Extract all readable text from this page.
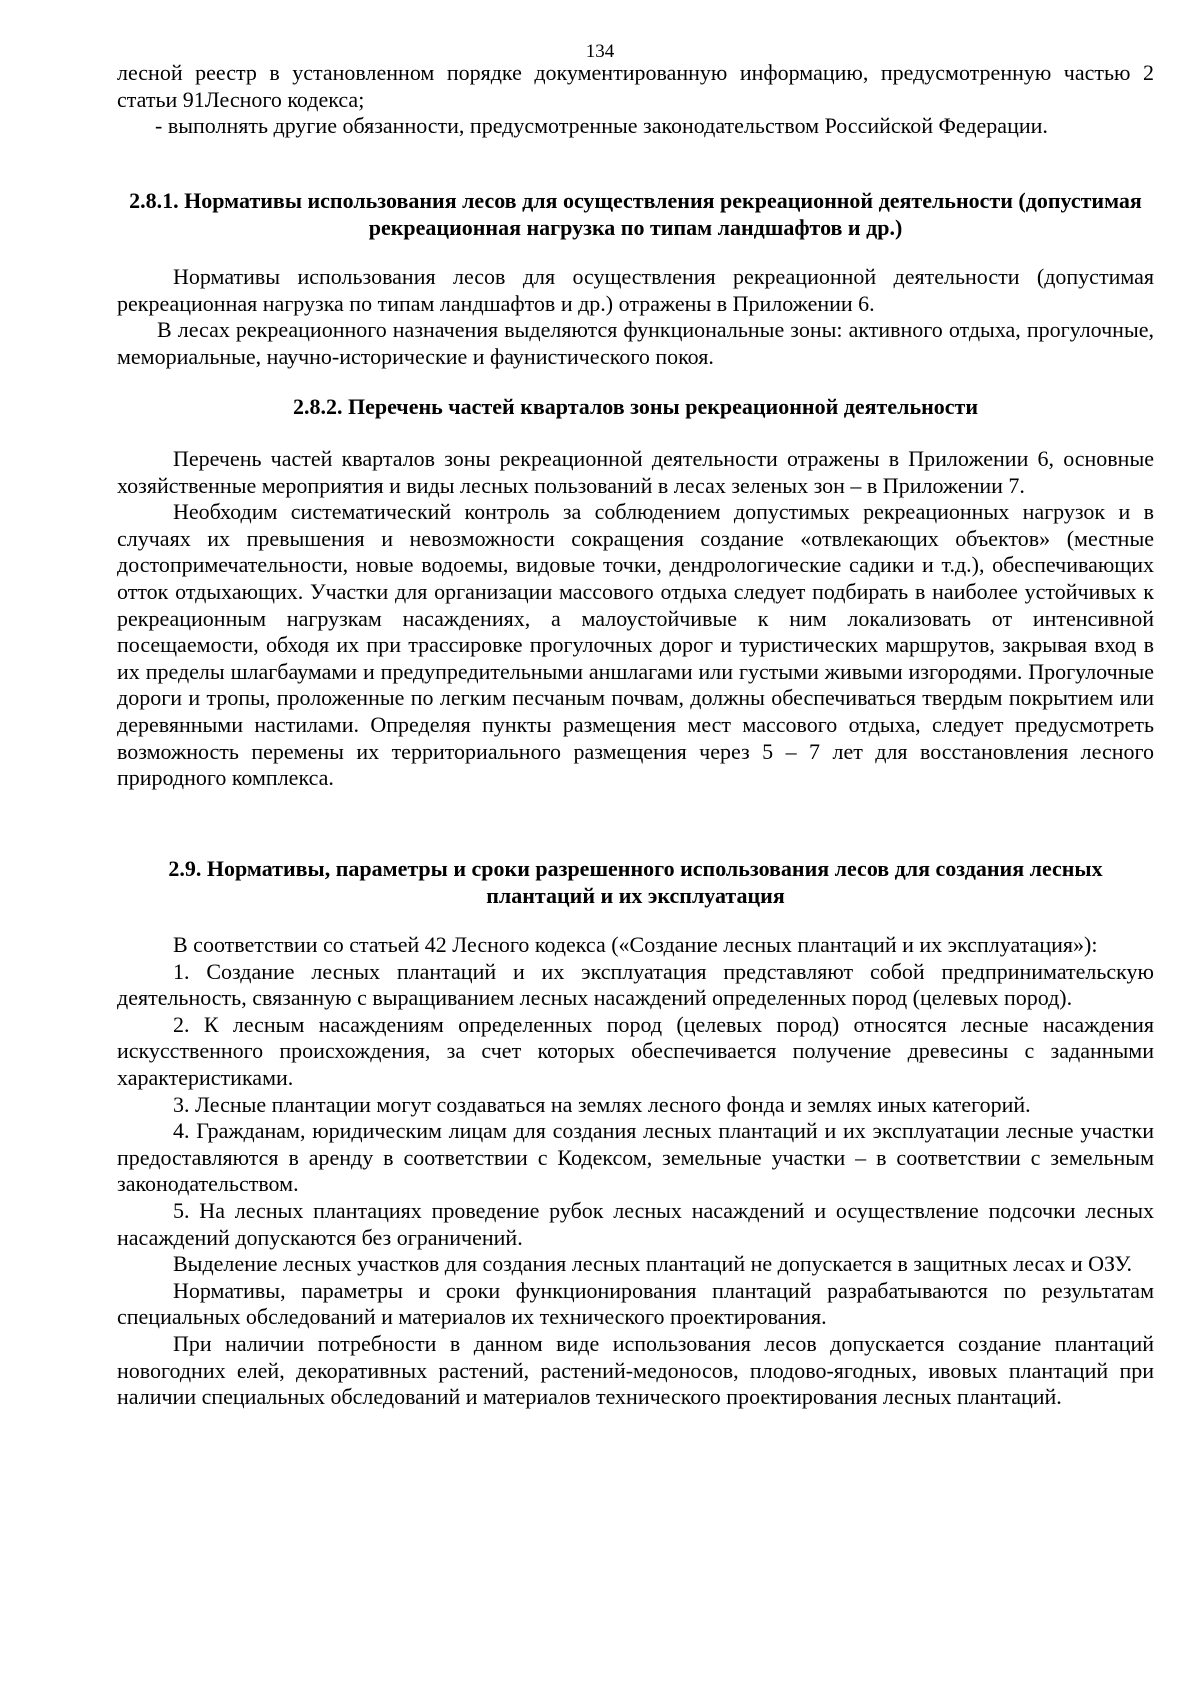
134

лесной реестр в установленном порядке документированную информацию, предусмотренную частью 2 статьи 91Лесного кодекса;

- выполнять другие обязанности, предусмотренные законодательством Российской Федерации.

2.8.1. Нормативы использования лесов для осуществления рекреационной деятельности (допустимая рекреационная нагрузка по типам ландшафтов и др.)

Нормативы использования лесов для осуществления рекреационной деятельности (допустимая рекреационная нагрузка по типам ландшафтов и др.) отражены в Приложении 6.

В лесах рекреационного назначения выделяются функциональные зоны: активного отдыха, прогулочные, мемориальные, научно-исторические и фаунистического покоя.

2.8.2. Перечень частей кварталов зоны рекреационной деятельности

Перечень частей кварталов зоны рекреационной деятельности отражены в Приложении 6, основные хозяйственные мероприятия и виды лесных пользований в лесах зеленых зон – в Приложении 7.

Необходим систематический контроль за соблюдением допустимых рекреационных нагрузок и в случаях их превышения и невозможности сокращения создание «отвлекающих объектов» (местные достопримечательности, новые водоемы, видовые точки, дендрологические садики и т.д.), обеспечивающих отток отдыхающих. Участки для организации массового отдыха следует подбирать в наиболее устойчивых к рекреационным нагрузкам насаждениях, а малоустойчивые к ним локализовать от интенсивной посещаемости, обходя их при трассировке прогулочных дорог и туристических маршрутов, закрывая вход в их пределы шлагбаумами и предупредительными аншлагами или густыми живыми изгородями. Прогулочные дороги и тропы, проложенные по легким песчаным почвам, должны обеспечиваться твердым покрытием или деревянными настилами. Определяя пункты размещения мест массового отдыха, следует предусмотреть возможность перемены их территориального размещения через 5 – 7 лет для восстановления лесного природного комплекса.

2.9. Нормативы, параметры и сроки разрешенного использования лесов для создания лесных плантаций и их эксплуатация

В соответствии со статьей 42 Лесного кодекса («Создание лесных плантаций и их эксплуатация»):

1. Создание лесных плантаций и их эксплуатация представляют собой предпринимательскую деятельность, связанную с выращиванием лесных насаждений определенных пород (целевых пород).

2. К лесным насаждениям определенных пород (целевых пород) относятся лесные насаждения искусственного происхождения, за счет которых обеспечивается получение древесины с заданными характеристиками.

3. Лесные плантации могут создаваться на землях лесного фонда и землях иных категорий.

4. Гражданам, юридическим лицам для создания лесных плантаций и их эксплуатации лесные участки предоставляются в аренду в соответствии с Кодексом, земельные участки – в соответствии с земельным законодательством.

5. На лесных плантациях проведение рубок лесных насаждений и осуществление подсочки лесных насаждений допускаются без ограничений.

Выделение лесных участков для создания лесных плантаций не допускается в защитных лесах и ОЗУ.

Нормативы, параметры и сроки функционирования плантаций разрабатываются по результатам специальных обследований и материалов их технического проектирования.

При наличии потребности в данном виде использования лесов допускается создание плантаций новогодних елей, декоративных растений, растений-медоносов, плодово-ягодных, ивовых плантаций при наличии специальных обследований и материалов технического проектирования лесных плантаций.
